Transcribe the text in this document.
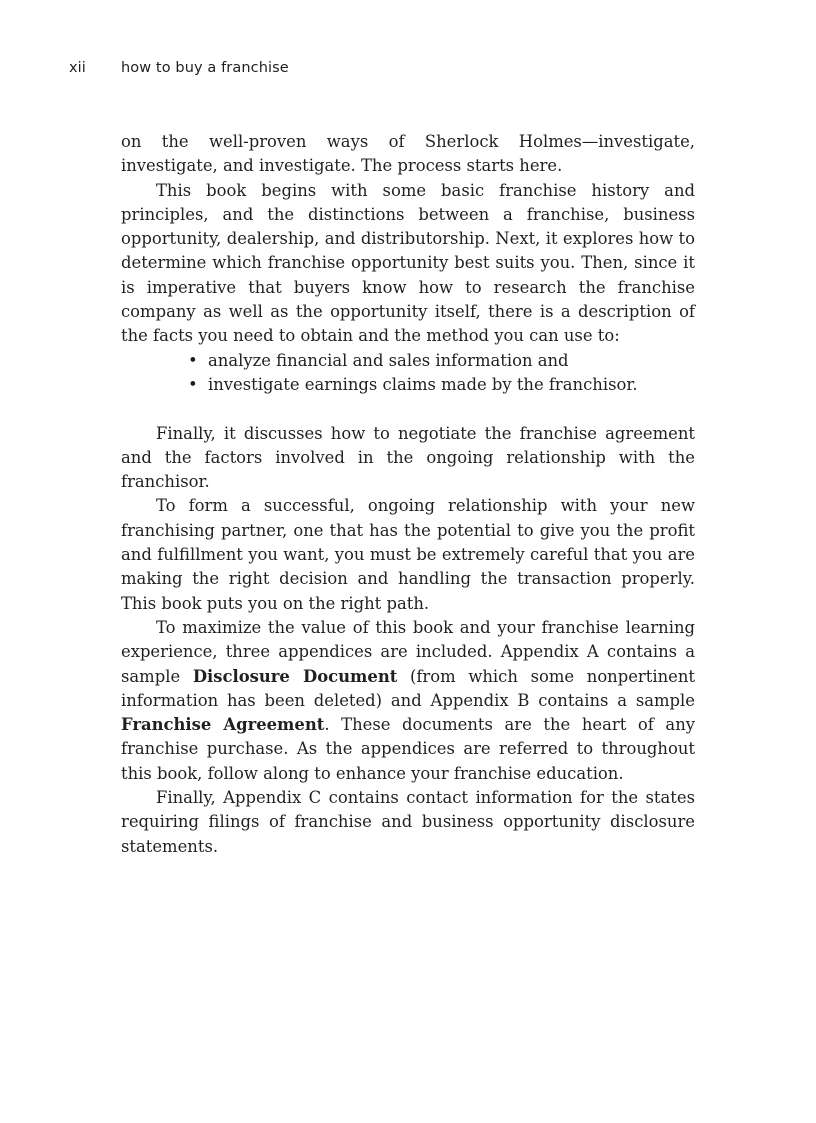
xii how to buy a franchise

on the well-proven ways of Sherlock Holmes—investigate, investigate, and investigate. The process starts here.

This book begins with some basic franchise history and principles, and the distinctions between a franchise, business opportunity, dealership, and distributorship. Next, it explores how to determine which franchise opportunity best suits you. Then, since it is imperative that buyers know how to research the franchise company as well as the opportunity itself, there is a description of the facts you need to obtain and the method you can use to:

• analyze financial and sales information and
• investigate earnings claims made by the franchisor.

Finally, it discusses how to negotiate the franchise agreement and the factors involved in the ongoing relationship with the franchisor.

To form a successful, ongoing relationship with your new franchising partner, one that has the potential to give you the profit and fulfillment you want, you must be extremely careful that you are making the right decision and handling the transaction properly. This book puts you on the right path.

To maximize the value of this book and your franchise learning experience, three appendices are included. Appendix A contains a sample Disclosure Document (from which some nonpertinent information has been deleted) and Appendix B contains a sample Franchise Agreement. These documents are the heart of any franchise purchase. As the appendices are referred to throughout this book, follow along to enhance your franchise education.

Finally, Appendix C contains contact information for the states requiring filings of franchise and business opportunity disclosure statements.
